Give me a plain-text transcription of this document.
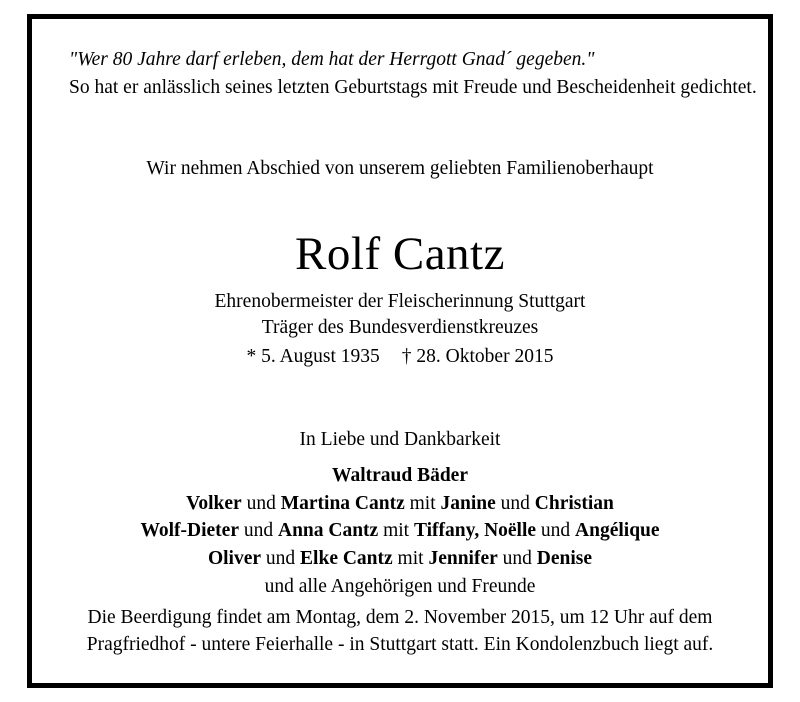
"Wer 80 Jahre darf erleben, dem hat der Herrgott Gnad´ gegeben."
So hat er anlässlich seines letzten Geburtstags mit Freude und Bescheidenheit gedichtet.
Wir nehmen Abschied von unserem geliebten Familienoberhaupt
Rolf Cantz
Ehrenobermeister der Fleischerinnung Stuttgart
Träger des Bundesverdienstkreuzes
* 5. August 1935 † 28. Oktober 2015
In Liebe und Dankbarkeit
Waltraud Bäder
Volker und Martina Cantz mit Janine und Christian
Wolf-Dieter und Anna Cantz mit Tiffany, Noëlle und Angélique
Oliver und Elke Cantz mit Jennifer und Denise
und alle Angehörigen und Freunde
Die Beerdigung findet am Montag, dem 2. November 2015, um 12 Uhr auf dem
Pragfriedhof - untere Feierhalle - in Stuttgart statt. Ein Kondolenzbuch liegt auf.
